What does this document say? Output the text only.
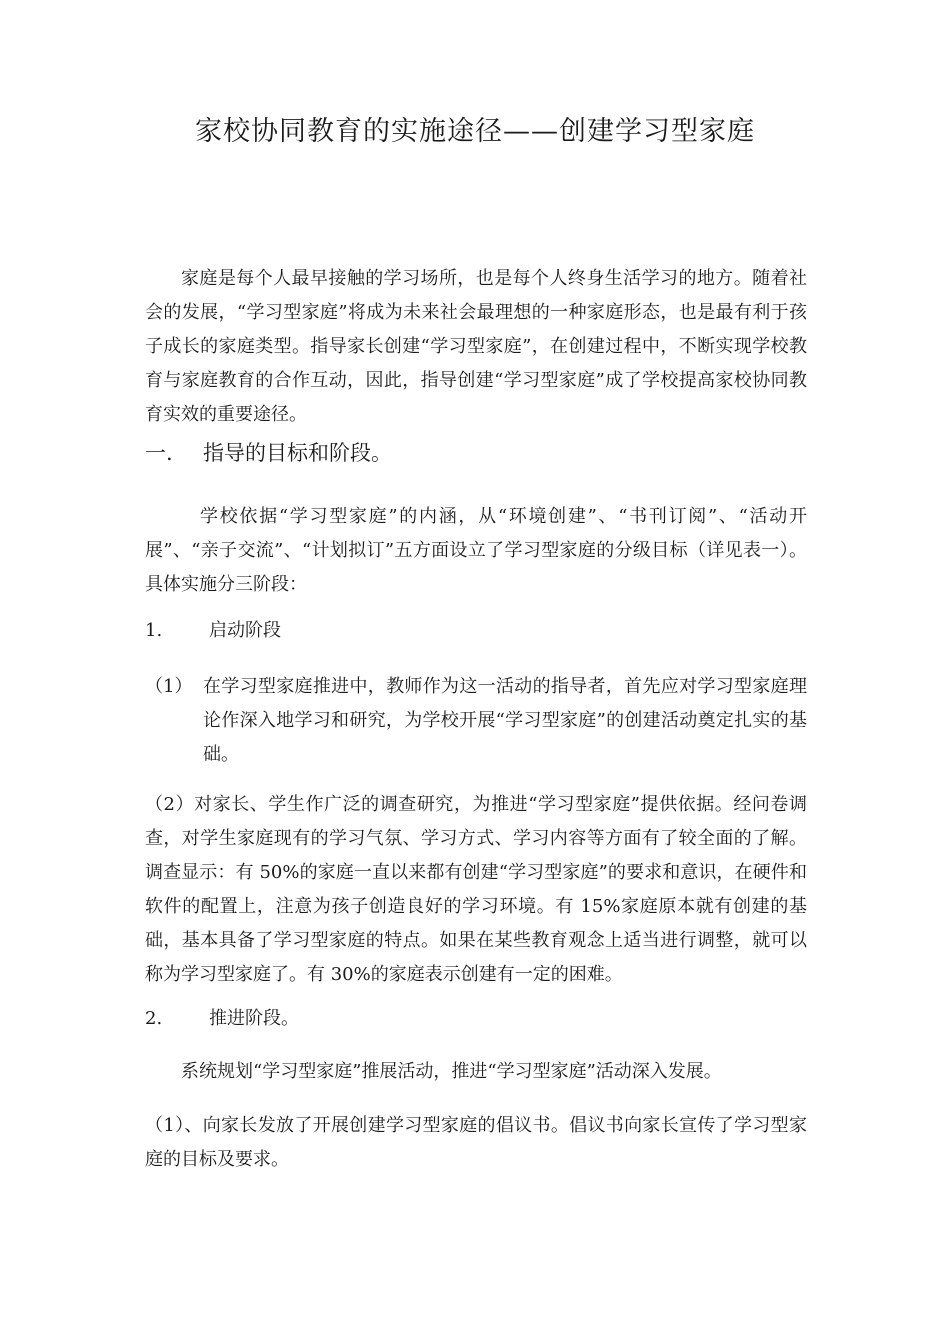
家校协同教育的实施途径——创建学习型家庭

家庭是每个人最早接触的学习场所，也是每个人终身生活学习的地方。随着社会的发展，“学习型家庭”将成为未来社会最理想的一种家庭形态，也是最有利于孩子成长的家庭类型。指导家长创建“学习型家庭”，在创建过程中，不断实现学校教育与家庭教育的合作互动，因此，指导创建“学习型家庭”成了学校提高家校协同教育实效的重要途径。

一. 指导的目标和阶段。

学校依据“学习型家庭”的内涵，从“环境创建”、“书刊订阅”、“活动开展”、“亲子交流”、“计划拟订”五方面设立了学习型家庭的分级目标（详见表一）。具体实施分三阶段：

1.	启动阶段

（1） 在学习型家庭推进中，教师作为这一活动的指导者，首先应对学习型家庭理论作深入地学习和研究，为学校开展“学习型家庭”的创建活动奠定扎实的基础。

（2）对家长、学生作广泛的调查研究，为推进“学习型家庭”提供依据。经问卷调查，对学生家庭现有的学习气氛、学习方式、学习内容等方面有了较全面的了解。调查显示：有 50%的家庭一直以来都有创建“学习型家庭”的要求和意识，在硬件和软件的配置上，注意为孩子创造良好的学习环境。有 15%家庭原本就有创建的基础，基本具备了学习型家庭的特点。如果在某些教育观念上适当进行调整，就可以称为学习型家庭了。有 30%的家庭表示创建有一定的困难。

2.	推进阶段。

系统规划“学习型家庭”推展活动，推进“学习型家庭”活动深入发展。

（1）、向家长发放了开展创建学习型家庭的倡议书。倡议书向家长宣传了学习型家庭的目标及要求。
